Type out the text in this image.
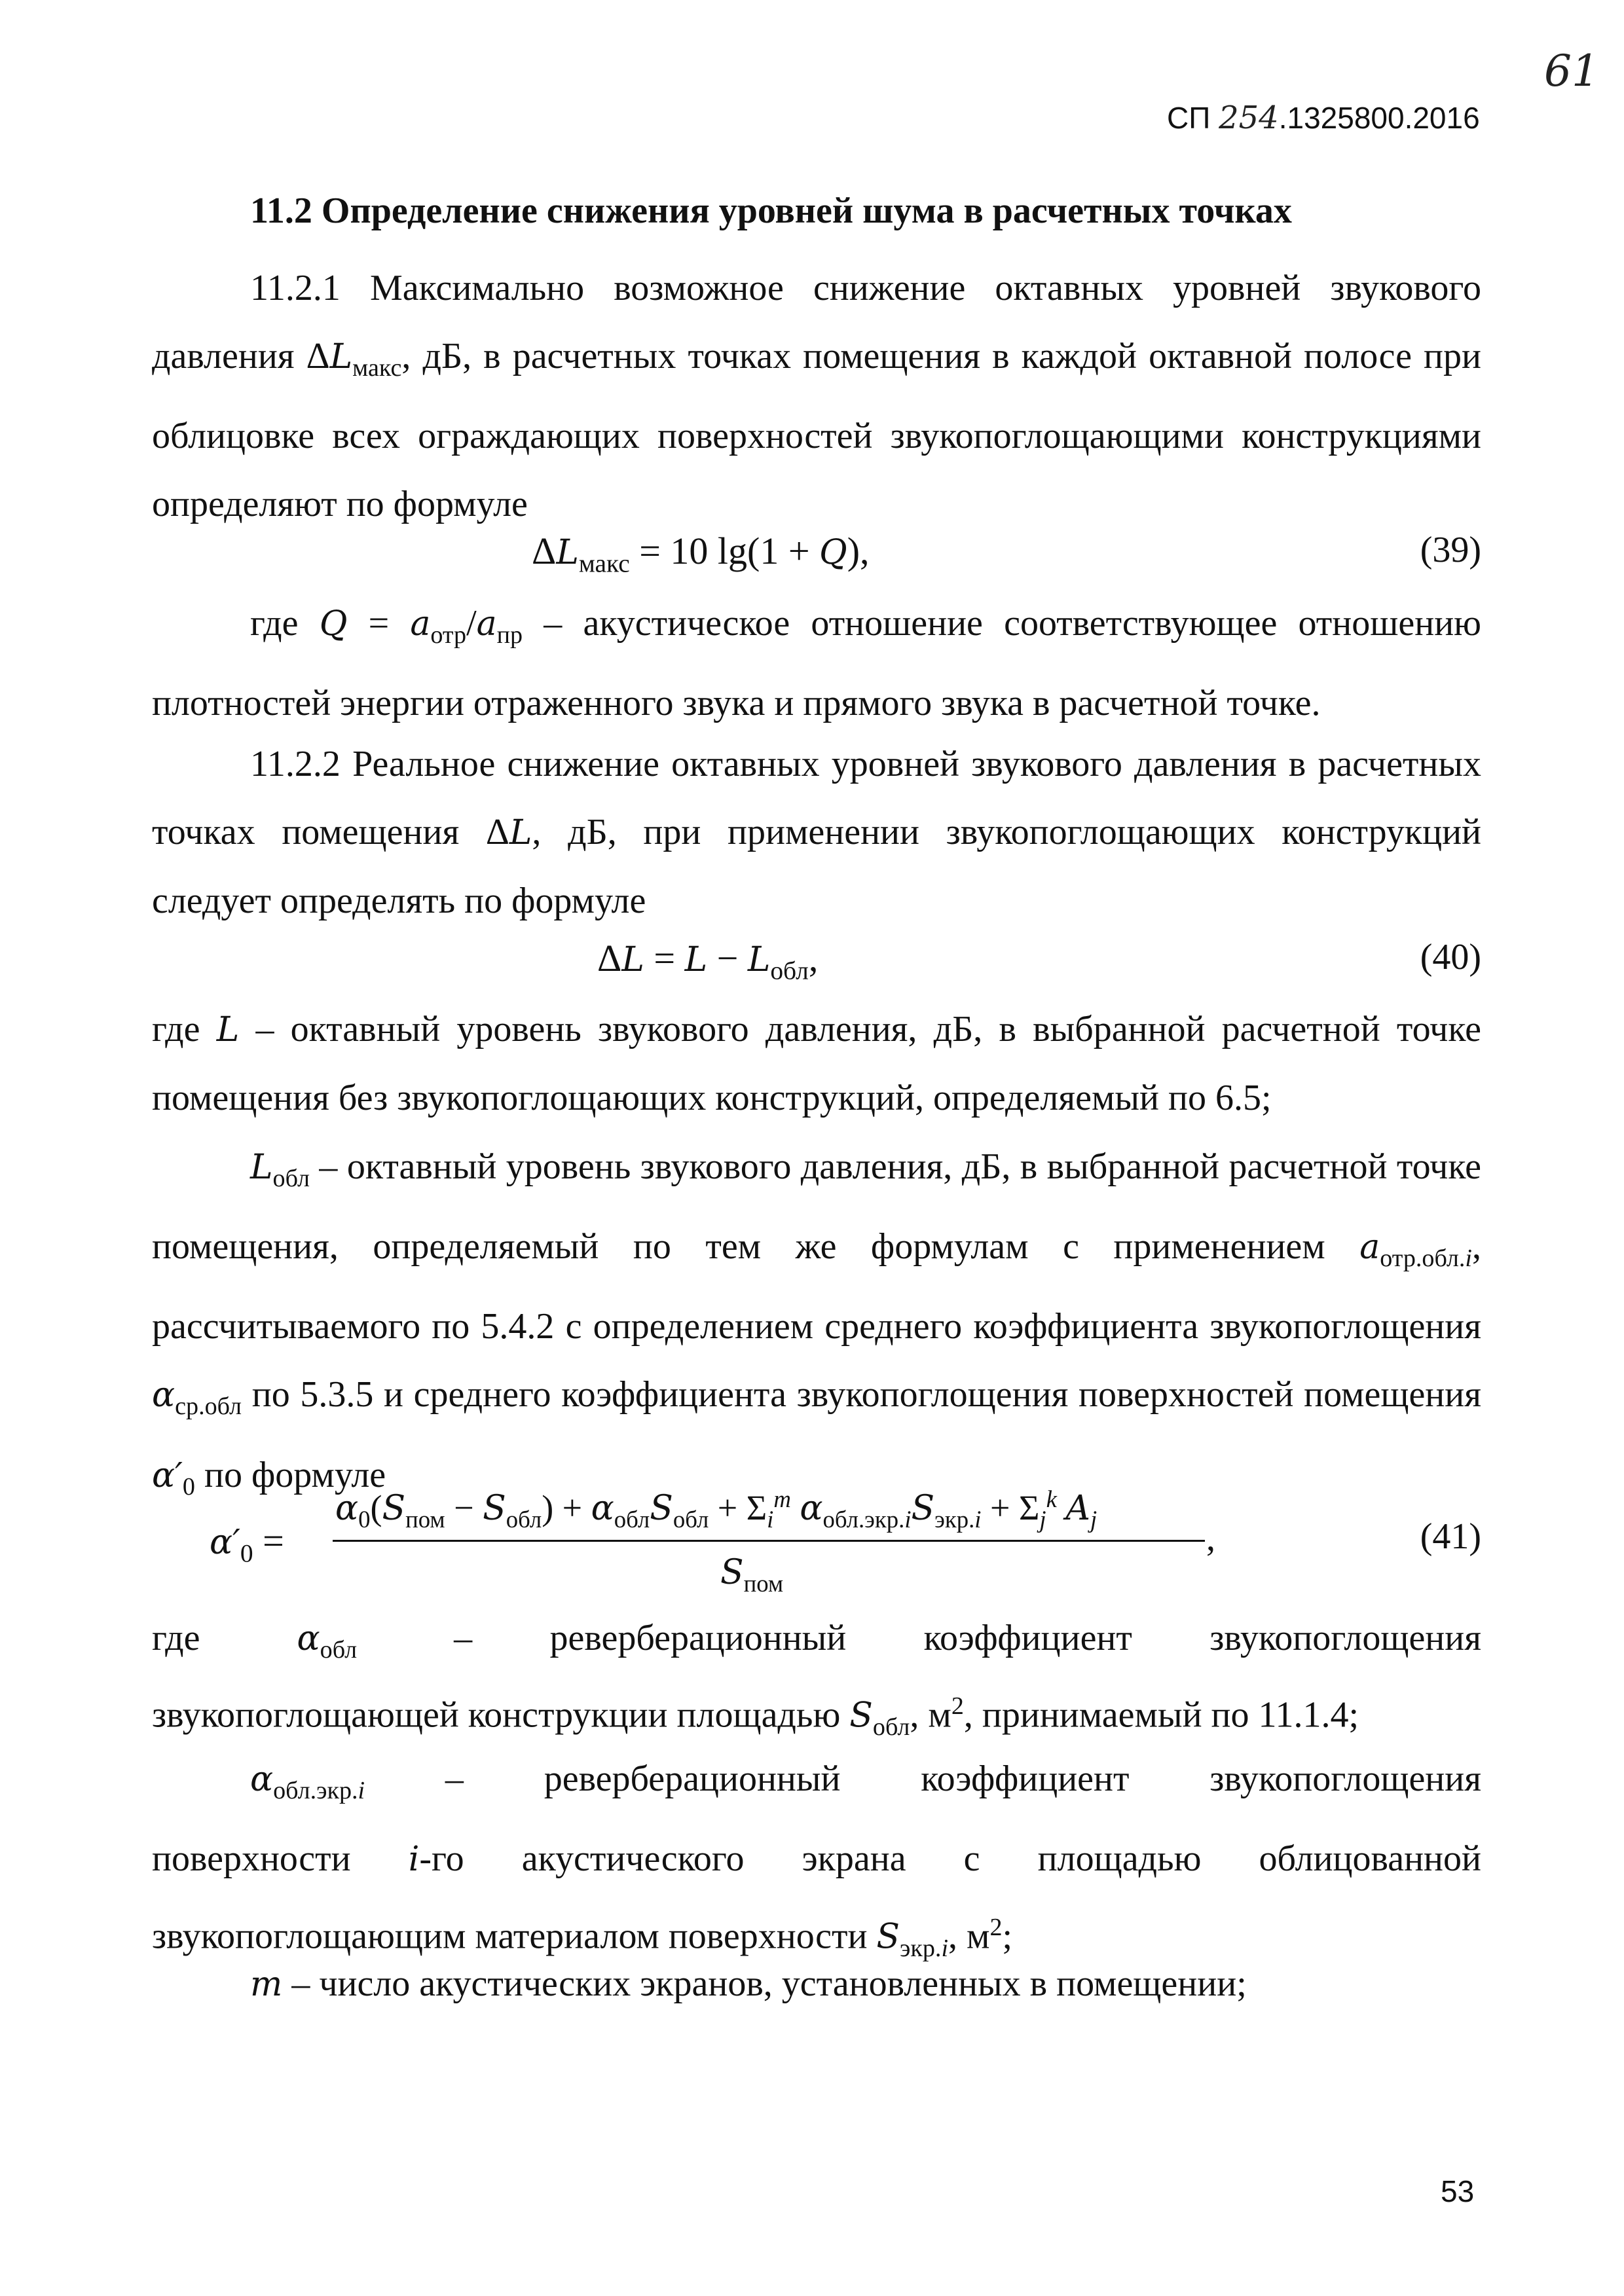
61
СП 254.1325800.2016
11.2 Определение снижения уровней шума в расчетных точках

11.2.1 Максимально возможное снижение октавных уровней звукового давления $\Delta L_{макс}$, дБ, в расчетных точках помещения в каждой октавной полосе при облицовке всех ограждающих поверхностей звукопоглощающими конструкциями определяют по формуле

$\Delta L_{макс} = 10$ lg(1 + Q),	(39)

где $Q = a_{отр}/a_{пр}$ – акустическое отношение соответствующее отношению плотностей энергии отраженного звука и прямого звука в расчетной точке.

11.2.2 Реальное снижение октавных уровней звукового давления в расчетных точках помещения ΔL, дБ, при применении звукопоглощающих конструкций следует определять по формуле

$\Delta L = L - L_{обл}$,	(40)

где L – октавный уровень звукового давления, дБ, в выбранной расчетной точке помещения без звукопоглощающих конструкций, определяемый по 6.5;

$L_{обл}$ – октавный уровень звукового давления, дБ, в выбранной расчетной точке помещения, определяемый по тем же формулам с применением $a_{отр.обл.i}$, рассчитываемого по 5.4.2 с определением среднего коэффициента звукопоглощения $\alpha_{ср.обл}$ по 5.3.5 и среднего коэффициента звукопоглощения поверхностей помещения $\alpha'_0$ по формуле

$\alpha'_0$ =
$\alpha_0(S_{пом} - S_{обл}) + \alpha_{обл}S_{обл} + \Sigma_i^m$ $\alpha_{обл.экр.i}S_{экр.i} + \Sigma_j^k$ $A_j$
$S_{пом}$
,	(41)

где     $\alpha_{обл}$     –    реверберационный    коэффициент    звукопоглощения

звукопоглощающей конструкции площадью $S_{обл}$, $м^2$, принимаемый по 11.1.4;

$\alpha_{обл.экр.i}$    –    реверберационный    коэффициент    звукопоглощения поверхности   i-го   акустического   экрана   с   площадью   облицованной звукопоглощающим материалом поверхности $S_{экр.i}$, $м^2$;

m – число акустических экранов, установленных в помещении;

53
